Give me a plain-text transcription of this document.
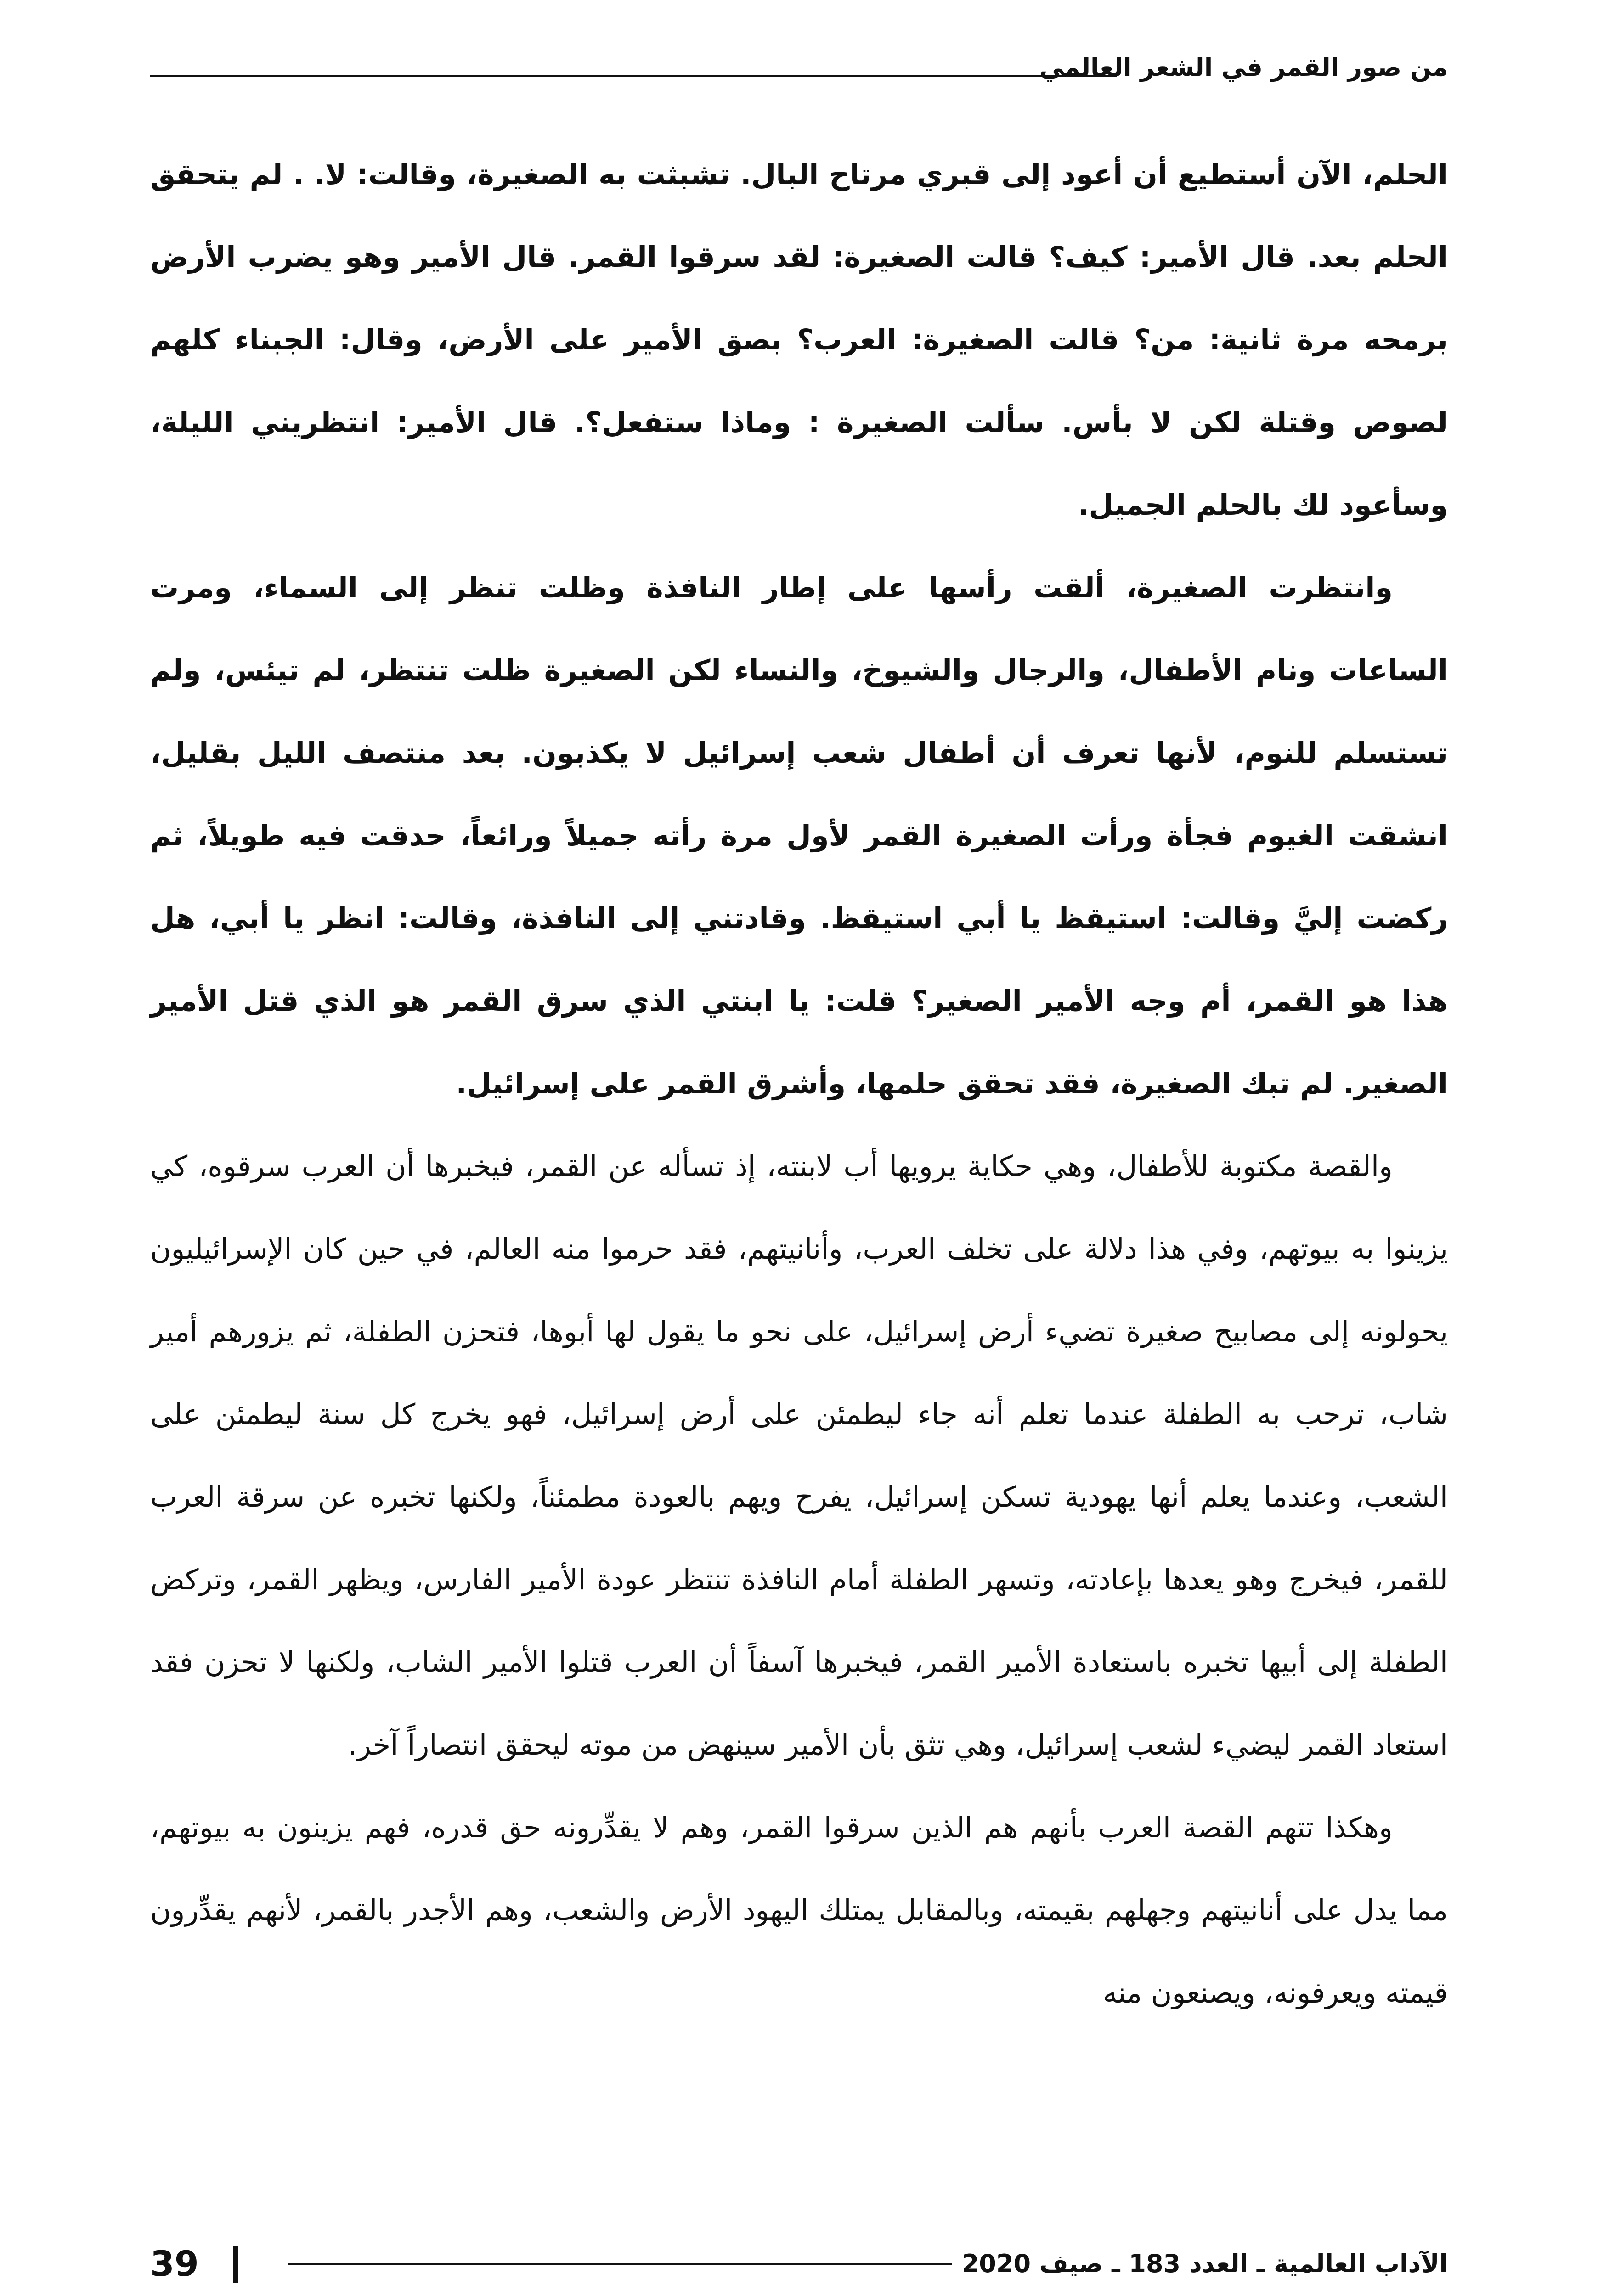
من صور القمر في الشعر العالمي

الحلم، الآن أستطيع أن أعود إلى قبري مرتاح البال. تشبثت به الصغيرة، وقالت: لا. . لم يتحقق الحلم بعد. قال الأمير: كيف؟ قالت الصغيرة: لقد سرقوا القمر. قال الأمير وهو يضرب الأرض برمحه مرة ثانية: من؟ قالت الصغيرة: العرب؟ بصق الأمير على الأرض، وقال: الجبناء كلهم لصوص وقتلة لكن لا بأس. سألت الصغيرة : وماذا ستفعل؟. قال الأمير: انتظريني الليلة، وسأعود لك بالحلم الجميل.

وانتظرت الصغيرة، ألقت رأسها على إطار النافذة وظلت تنظر إلى السماء، ومرت الساعات ونام الأطفال، والرجال والشيوخ، والنساء لكن الصغيرة ظلت تنتظر، لم تيئس، ولم تستسلم للنوم، لأنها تعرف أن أطفال شعب إسرائيل لا يكذبون. بعد منتصف الليل بقليل، انشقت الغيوم فجأة ورأت الصغيرة القمر لأول مرة رأته جميلاً ورائعاً، حدقت فيه طويلاً، ثم ركضت إليَّ وقالت: استيقظ يا أبي استيقظ. وقادتني إلى النافذة، وقالت: انظر يا أبي، هل هذا هو القمر، أم وجه الأمير الصغير؟ قلت: يا ابنتي الذي سرق القمر هو الذي قتل الأمير الصغير. لم تبك الصغيرة، فقد تحقق حلمها، وأشرق القمر على إسرائيل.

والقصة مكتوبة للأطفال، وهي حكاية يرويها أب لابنته، إذ تسأله عن القمر، فيخبرها أن العرب سرقوه، كي يزينوا به بيوتهم، وفي هذا دلالة على تخلف العرب، وأنانيتهم، فقد حرموا منه العالم، في حين كان الإسرائيليون يحولونه إلى مصابيح صغيرة تضيء أرض إسرائيل، على نحو ما يقول لها أبوها، فتحزن الطفلة، ثم يزورهم أمير شاب، ترحب به الطفلة عندما تعلم أنه جاء ليطمئن على أرض إسرائيل، فهو يخرج كل سنة ليطمئن على الشعب، وعندما يعلم أنها يهودية تسكن إسرائيل، يفرح ويهم بالعودة مطمئناً، ولكنها تخبره عن سرقة العرب للقمر، فيخرج وهو يعدها بإعادته، وتسهر الطفلة أمام النافذة تنتظر عودة الأمير الفارس، ويظهر القمر، وتركض الطفلة إلى أبيها تخبره باستعادة الأمير القمر، فيخبرها آسفاً أن العرب قتلوا الأمير الشاب، ولكنها لا تحزن فقد استعاد القمر ليضيء لشعب إسرائيل، وهي تثق بأن الأمير سينهض من موته ليحقق انتصاراً آخر.

وهكذا تتهم القصة العرب بأنهم هم الذين سرقوا القمر، وهم لا يقدِّرونه حق قدره، فهم يزينون به بيوتهم، مما يدل على أنانيتهم وجهلهم بقيمته، وبالمقابل يمتلك اليهود الأرض والشعب، وهم الأجدر بالقمر، لأنهم يقدِّرون قيمته ويعرفونه، ويصنعون منه

39	الآداب العالمية ـ العدد 183 ـ صيف 2020
